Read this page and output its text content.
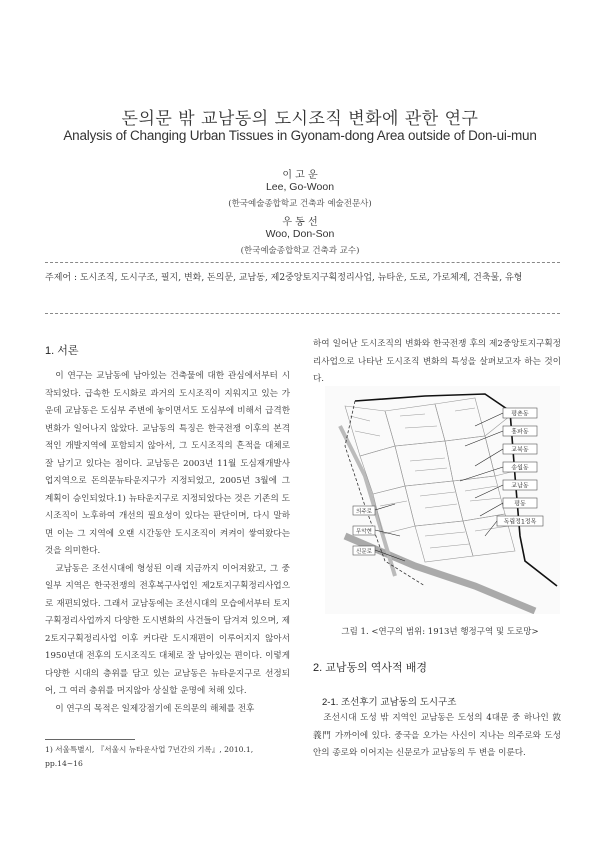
돈의문 밖 교남동의 도시조직 변화에 관한 연구
Analysis of Changing Urban Tissues in Gyonam-dong Area outside of Don-ui-mun
이 고 운
Lee, Go-Woon
(한국예술종합학교 건축과 예술전문사)
우 동 선
Woo, Don-Son
(한국예술종합학교 건축과 교수)
주제어 : 도시조직, 도시구조, 필지, 변화, 돈의문, 교남동, 제2중앙토지구획정리사업, 뉴타운, 도로, 가로체계, 건축물, 유형
1. 서론

이 연구는 교남동에 남아있는 건축물에 대한 관심에서부터 시작되었다. 급속한 도시화로 과거의 도시조직이 지워지고 있는 가운데 교남동은 도심부 주변에 놓이면서도 도심부에 비해서 급격한 변화가 일어나지 않았다. 교남동의 특징은 한국전쟁 이후의 본격적인 개발지역에 포함되지 않아서, 그 도시조직의 흔적을 대체로 잘 남기고 있다는 점이다. 교남동은 2003년 11월 도심재개발사업지역으로 돈의문뉴타운지구가 지정되었고, 2005년 3월에 그 계획이 승인되었다.1) 뉴타운지구로 지정되었다는 것은 기존의 도시조직이 노후하여 개선의 필요성이 있다는 판단이며, 다시 말하면 이는 그 지역에 오랜 시간동안 도시조직이 켜켜이 쌓여왔다는 것을 의미한다.

교남동은 조선시대에 형성된 이래 지금까지 이어져왔고, 그 중 일부 지역은 한국전쟁의 전후복구사업인 제2토지구획정리사업으로 재편되었다. 그래서 교남동에는 조선시대의 모습에서부터 토지구획정리사업까지 다양한 도시변화의 사건들이 담겨져 있으며, 제2토지구획정리사업 이후 커다란 도시재편이 이루어지지 않아서 1950년대 전후의 도시조직도 대체로 잘 남아있는 편이다. 이렇게 다양한 시대의 층위를 담고 있는 교남동은 뉴타운지구로 선정되어, 그 여러 층위를 머지않아 상실할 운명에 처해 있다.

이 연구의 목적은 일제강점기에 돈의문의 해체를 전후

1) 서울특별시, 『서울시 뉴타운사업 7년간의 기록』, 2010.1, pp.14~16

하여 일어난 도시조직의 변화와 한국전쟁 후의 제2중앙토지구획정리사업으로 나타난 도시조직 변화의 특성을 살펴보고자 하는 것이다.

평촌동
홍파동
교북동
송월동
교남동
평동
독립정1정목
의주로
무악현
신문로
그림 1. <연구의 범위: 1913년 행정구역 및 도로망>
2. 교남동의 역사적 배경
2-1. 조선후기 교남동의 도시구조

조선시대 도성 밖 지역인 교남동은 도성의 4대문 중 하나인 敦義門 가까이에 있다. 중국을 오가는 사신이 지나는 의주로와 도성 안의 종로와 이어지는 신문로가 교남동의 두 변을 이룬다.
